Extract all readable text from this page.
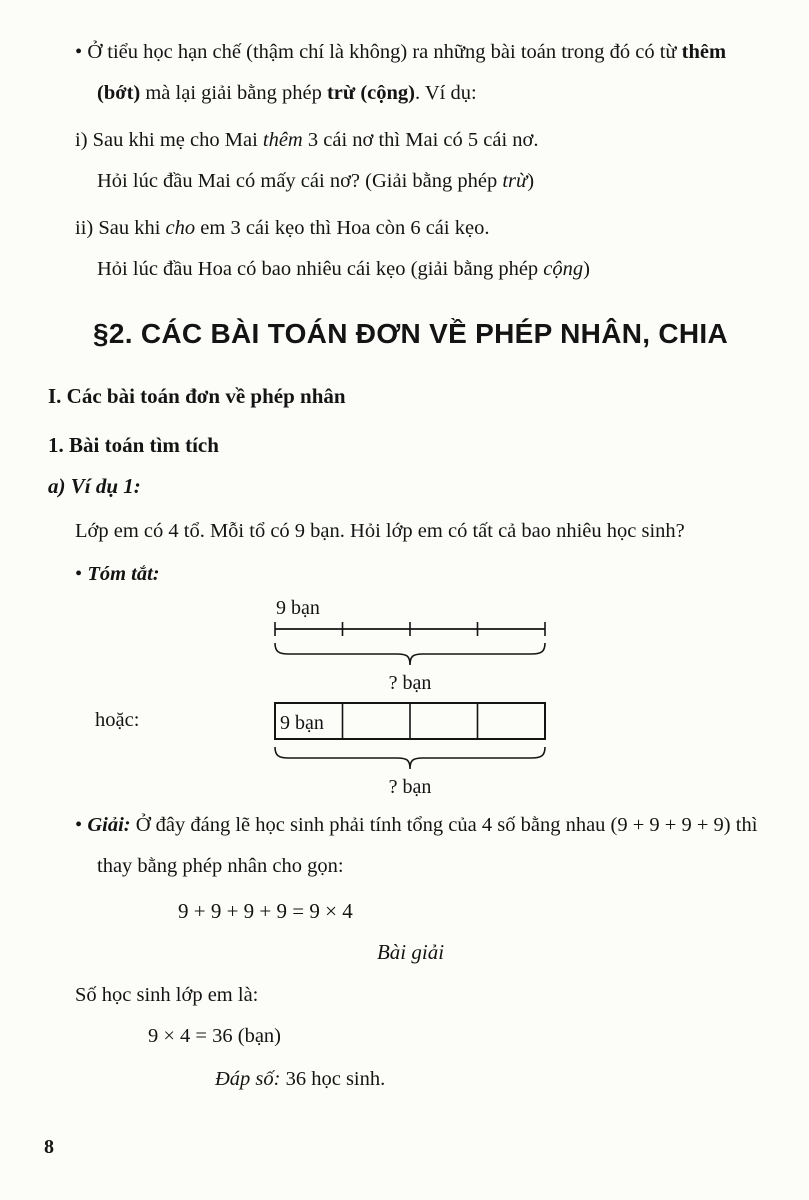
• Ở tiểu học hạn chế (thậm chí là không) ra những bài toán trong đó có từ thêm (bớt) mà lại giải bằng phép trừ (cộng). Ví dụ:

i) Sau khi mẹ cho Mai thêm 3 cái nơ thì Mai có 5 cái nơ.
Hỏi lúc đầu Mai có mấy cái nơ? (Giải bằng phép trừ)

ii) Sau khi cho em 3 cái kẹo thì Hoa còn 6 cái kẹo.
Hỏi lúc đầu Hoa có bao nhiêu cái kẹo (giải bằng phép cộng)

§2. CÁC BÀI TOÁN ĐƠN VỀ PHÉP NHÂN, CHIA

I. Các bài toán đơn về phép nhân

1. Bài toán tìm tích

a) Ví dụ 1:

Lớp em có 4 tổ. Mỗi tổ có 9 bạn. Hỏi lớp em có tất cả bao nhiêu học sinh?

• Tóm tắt:

9 bạn
? bạn
hoặc:	9 bạn
? bạn

• Giải: Ở đây đáng lẽ học sinh phải tính tổng của 4 số bằng nhau (9 + 9 + 9 + 9) thì thay bằng phép nhân cho gọn:

9 + 9 + 9 + 9 = 9 × 4

Bài giải

Số học sinh lớp em là:

9 × 4 = 36 (bạn)

Đáp số: 36 học sinh.

8
